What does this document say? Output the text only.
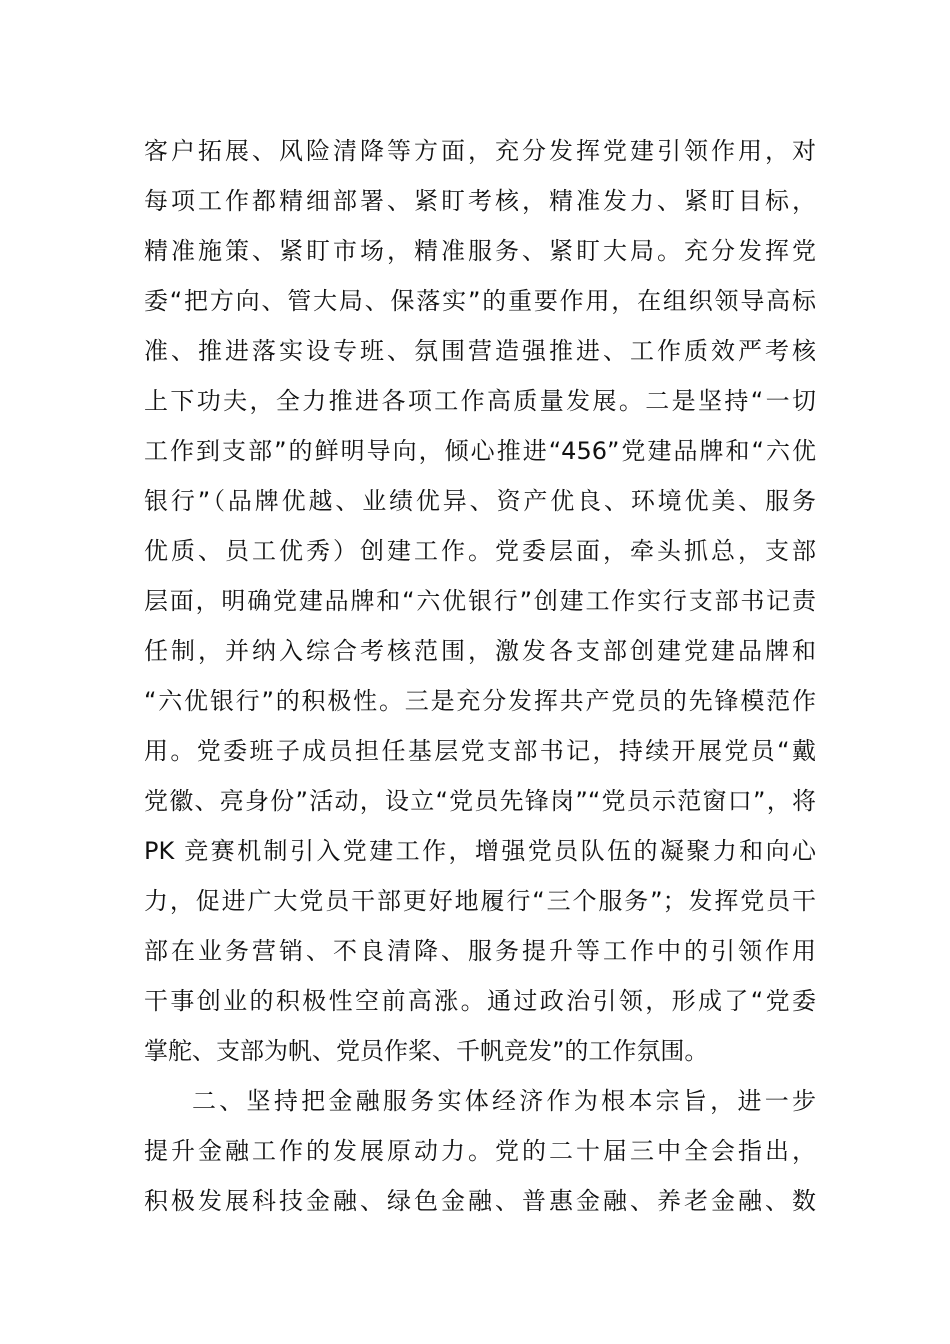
客户拓展、风险清降等方面，充分发挥党建引领作用，对
每项工作都精细部署、紧盯考核，精准发力、紧盯目标，
精准施策、紧盯市场，精准服务、紧盯大局。充分发挥党
委“把方向、管大局、保落实”的重要作用，在组织领导高标
准、推进落实设专班、氛围营造强推进、工作质效严考核
上下功夫，全力推进各项工作高质量发展。二是坚持“一切
工作到支部”的鲜明导向，倾心推进“456”党建品牌和“六优
银行”（品牌优越、业绩优异、资产优良、环境优美、服务
优质、员工优秀）创建工作。党委层面，牵头抓总，支部
层面，明确党建品牌和“六优银行”创建工作实行支部书记责
任制，并纳入综合考核范围，激发各支部创建党建品牌和
“六优银行”的积极性。三是充分发挥共产党员的先锋模范作
用。党委班子成员担任基层党支部书记，持续开展党员“戴
党徽、亮身份”活动，设立“党员先锋岗”“党员示范窗口”，将
PK 竞赛机制引入党建工作，增强党员队伍的凝聚力和向心
力，促进广大党员干部更好地履行“三个服务”；发挥党员干
部在业务营销、不良清降、服务提升等工作中的引领作用
干事创业的积极性空前高涨。通过政治引领，形成了“党委
掌舵、支部为帆、党员作桨、千帆竞发”的工作氛围。
二、坚持把金融服务实体经济作为根本宗旨，进一步
提升金融工作的发展原动力。党的二十届三中全会指出，
积极发展科技金融、绿色金融、普惠金融、养老金融、数
